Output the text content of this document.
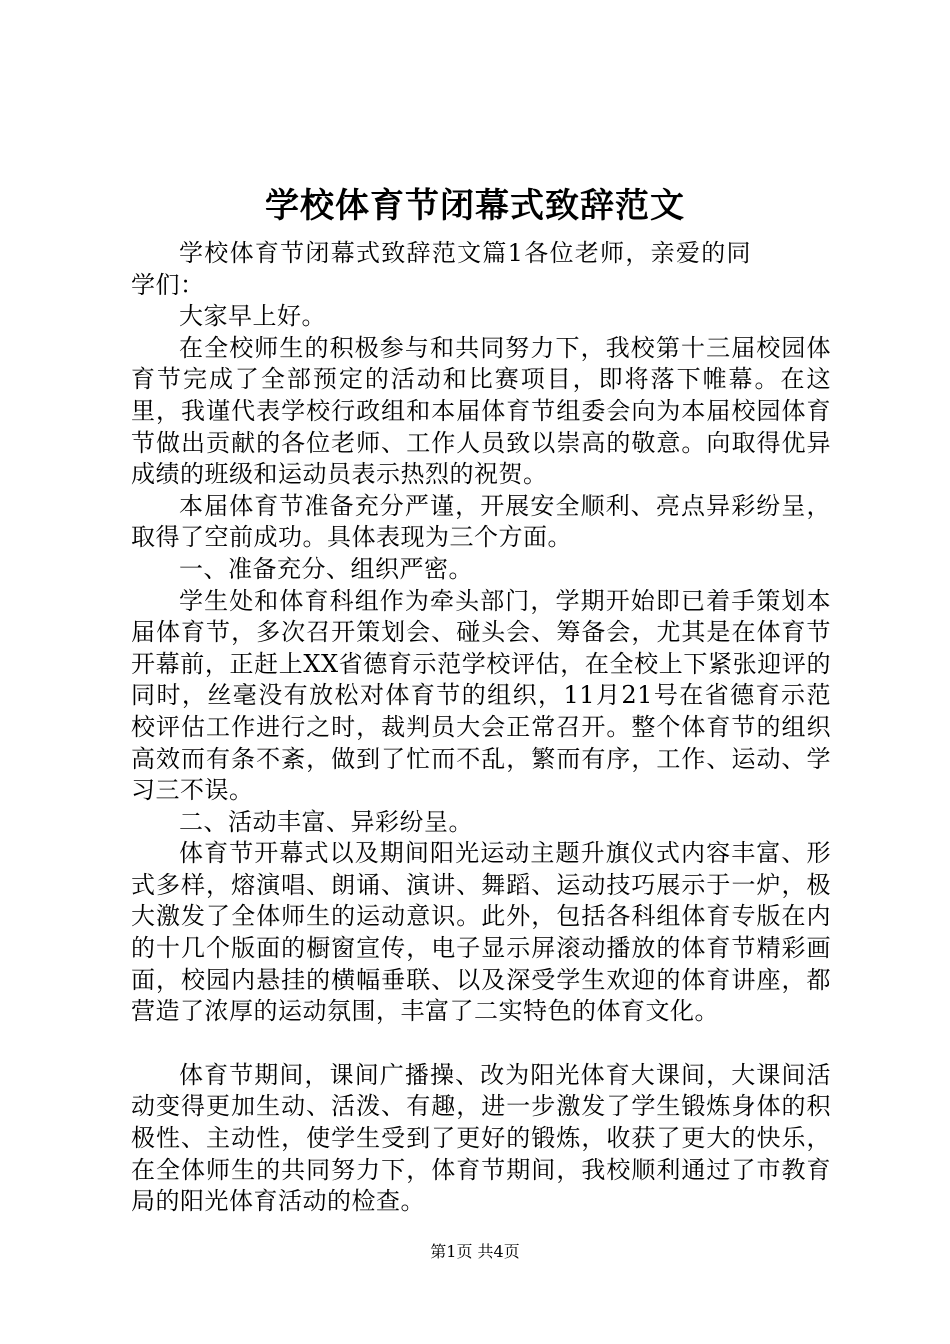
学校体育节闭幕式致辞范文

学校体育节闭幕式致辞范文篇1各位老师，亲爱的同学们：

大家早上好。

在全校师生的积极参与和共同努力下，我校第十三届校园体育节完成了全部预定的活动和比赛项目，即将落下帷幕。在这里，我谨代表学校行政组和本届体育节组委会向为本届校园体育节做出贡献的各位老师、工作人员致以崇高的敬意。向取得优异成绩的班级和运动员表示热烈的祝贺。

本届体育节准备充分严谨，开展安全顺利、亮点异彩纷呈，取得了空前成功。具体表现为三个方面。

一、准备充分、组织严密。

学生处和体育科组作为牵头部门，学期开始即已着手策划本届体育节，多次召开策划会、碰头会、筹备会，尤其是在体育节开幕前，正赶上XX省德育示范学校评估，在全校上下紧张迎评的同时，丝毫没有放松对体育节的组织，11月21号在省德育示范校评估工作进行之时，裁判员大会正常召开。整个体育节的组织高效而有条不紊，做到了忙而不乱，繁而有序，工作、运动、学习三不误。

二、活动丰富、异彩纷呈。

体育节开幕式以及期间阳光运动主题升旗仪式内容丰富、形式多样，熔演唱、朗诵、演讲、舞蹈、运动技巧展示于一炉，极大激发了全体师生的运动意识。此外，包括各科组体育专版在内的十几个版面的橱窗宣传，电子显示屏滚动播放的体育节精彩画面，校园内悬挂的横幅垂联、以及深受学生欢迎的体育讲座，都营造了浓厚的运动氛围，丰富了二实特色的体育文化。

体育节期间，课间广播操、改为阳光体育大课间，大课间活动变得更加生动、活泼、有趣，进一步激发了学生锻炼身体的积极性、主动性，使学生受到了更好的锻炼，收获了更大的快乐，在全体师生的共同努力下，体育节期间，我校顺利通过了市教育局的阳光体育活动的检查。

第1页 共4页
